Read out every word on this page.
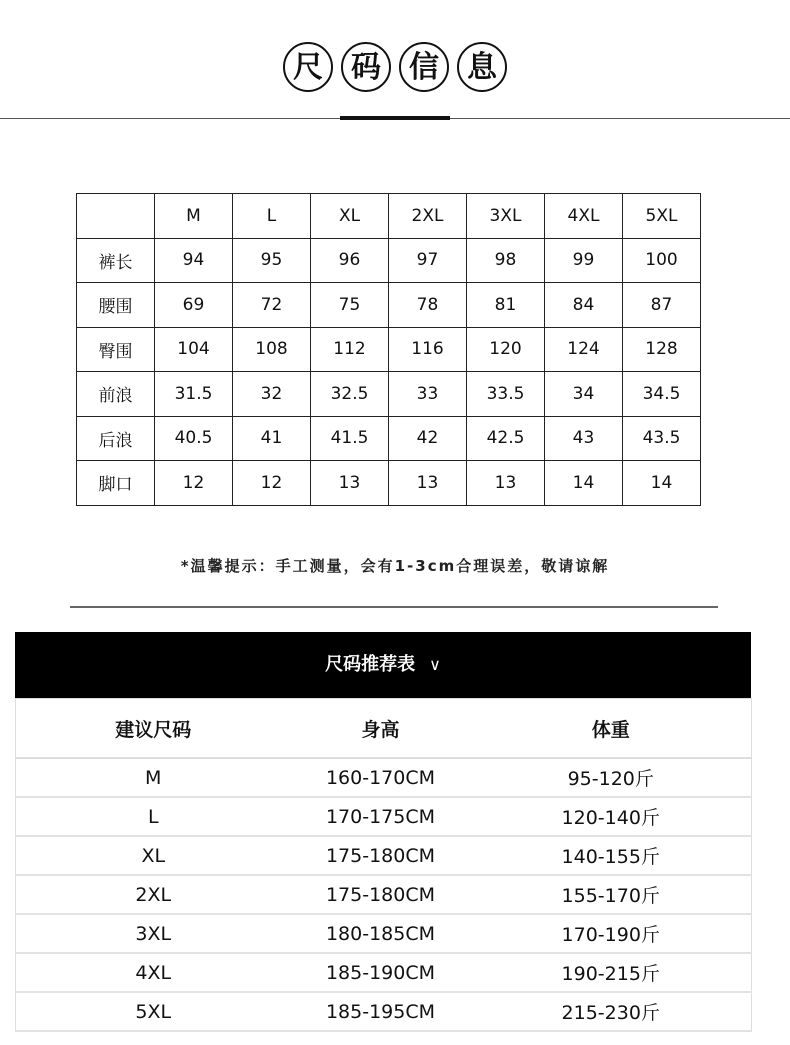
尺 码 信 息
	M	L	XL	2XL	3XL	4XL	5XL
裤长	94	95	96	97	98	99	100
腰围	69	72	75	78	81	84	87
臀围	104	108	112	116	120	124	128
前浪	31.5	32	32.5	33	33.5	34	34.5
后浪	40.5	41	41.5	42	42.5	43	43.5
脚口	12	12	13	13	13	14	14
*温馨提示：手工测量，会有1-3cm合理误差，敬请谅解
尺码推荐表 ∨
建议尺码	身高	体重
M	160-170CM	95-120斤
L	170-175CM	120-140斤
XL	175-180CM	140-155斤
2XL	175-180CM	155-170斤
3XL	180-185CM	170-190斤
4XL	185-190CM	190-215斤
5XL	185-195CM	215-230斤
